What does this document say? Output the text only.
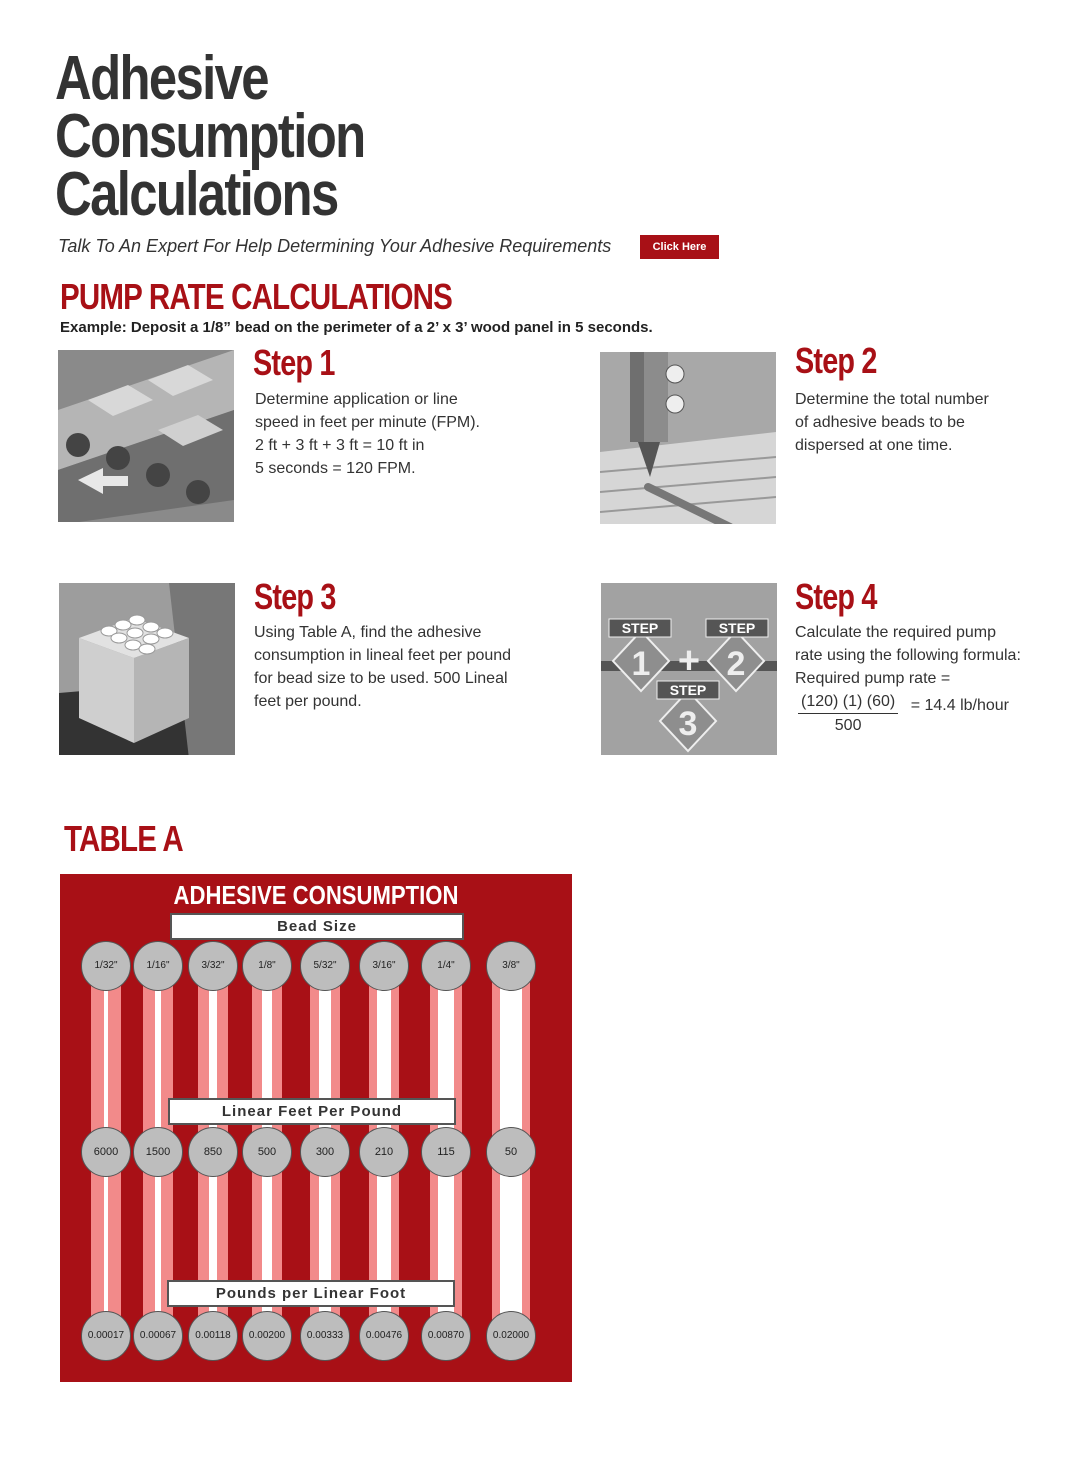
Adhesive
Consumption
Calculations
Talk To An Expert For Help Determining Your Adhesive Requirements	Click Here
PUMP RATE CALCULATIONS
Example: Deposit a 1/8” bead on the perimeter of a 2’ x 3’ wood panel in 5 seconds.
Step 1
Determine application or line
speed in feet per minute (FPM).
2 ft + 3 ft + 3 ft = 10 ft in
5 seconds = 120 FPM.
Step 2
Determine the total number
of adhesive beads to be
dispersed at one time.
Step 3
Using Table A, find the adhesive
consumption in lineal feet per pound
for bead size to be used. 500 Lineal
feet per pound.
STEP	STEP
STEP
1 + 2
3
Step 4
Calculate the required pump
rate using the following formula:
Required pump rate =
$\frac{(120) (1) (60)}{500} = 14.4$ lb/hour
TABLE A
ADHESIVE CONSUMPTION
Bead Size
Linear Feet Per Pound
Pounds per Linear Foot
1/32"
6000
0.00017
1/16"
1500
0.00067
3/32"
850
0.00118
1/8"
500
0.00200
5/32"
300
0.00333
3/16"
210
0.00476
1/4"
115
0.00870
3/8"
50
0.02000
